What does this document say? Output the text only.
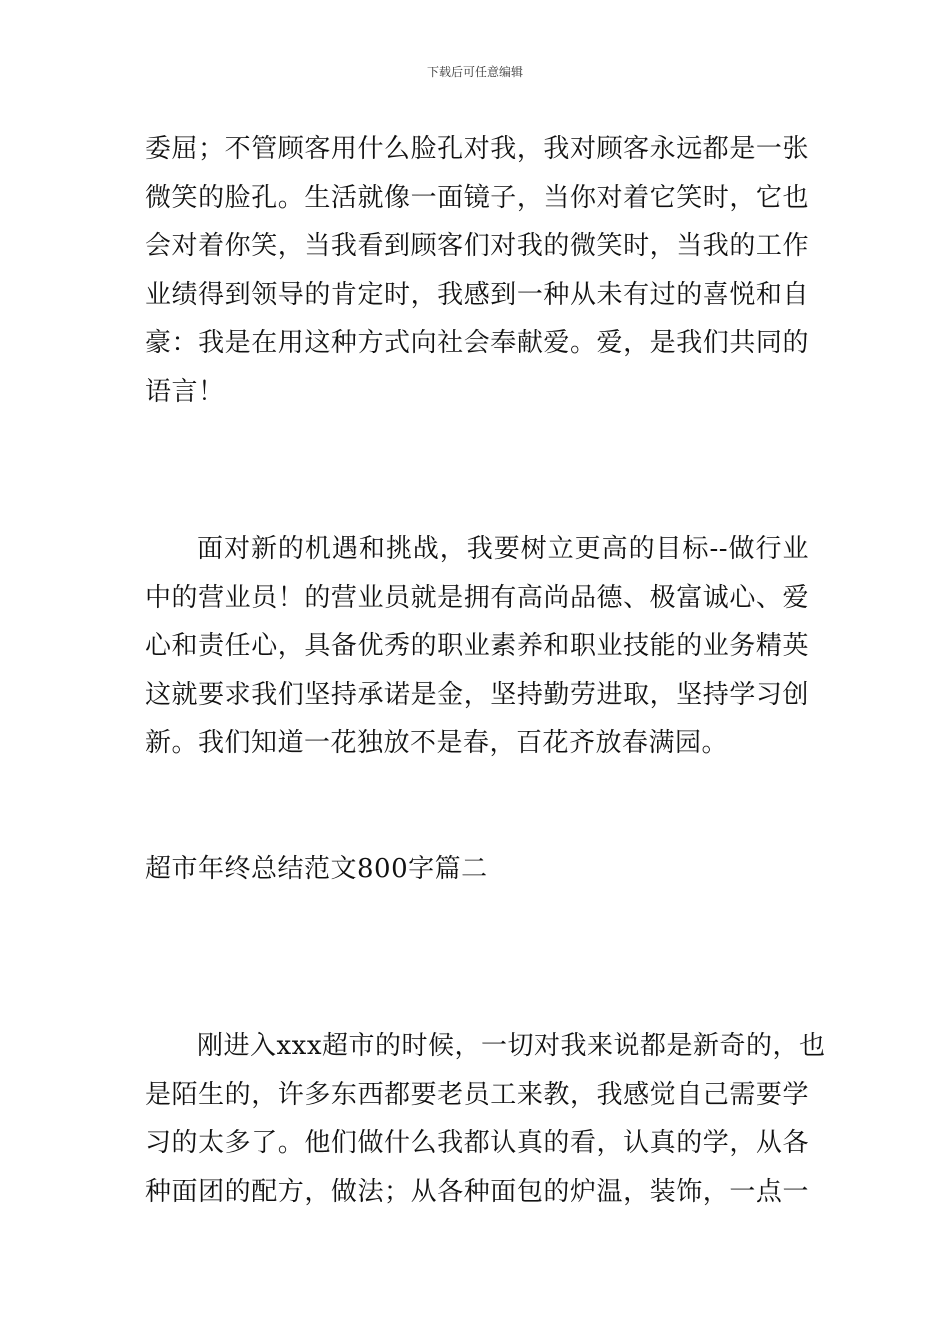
下载后可任意编辑

委屈；不管顾客用什么脸孔对我，我对顾客永远都是一张
微笑的脸孔。生活就像一面镜子，当你对着它笑时，它也
会对着你笑，当我看到顾客们对我的微笑时，当我的工作
业绩得到领导的肯定时，我感到一种从未有过的喜悦和自
豪：我是在用这种方式向社会奉献爱。爱，是我们共同的
语言！

面对新的机遇和挑战，我要树立更高的目标--做行业
中的营业员！的营业员就是拥有高尚品德、极富诚心、爱
心和责任心，具备优秀的职业素养和职业技能的业务精英
这就要求我们坚持承诺是金，坚持勤劳进取，坚持学习创
新。我们知道一花独放不是春，百花齐放春满园。

超市年终总结范文800字篇二

刚进入xxx超市的时候，一切对我来说都是新奇的，也
是陌生的，许多东西都要老员工来教，我感觉自己需要学
习的太多了。他们做什么我都认真的看，认真的学，从各
种面团的配方，做法；从各种面包的炉温，装饰，一点一
